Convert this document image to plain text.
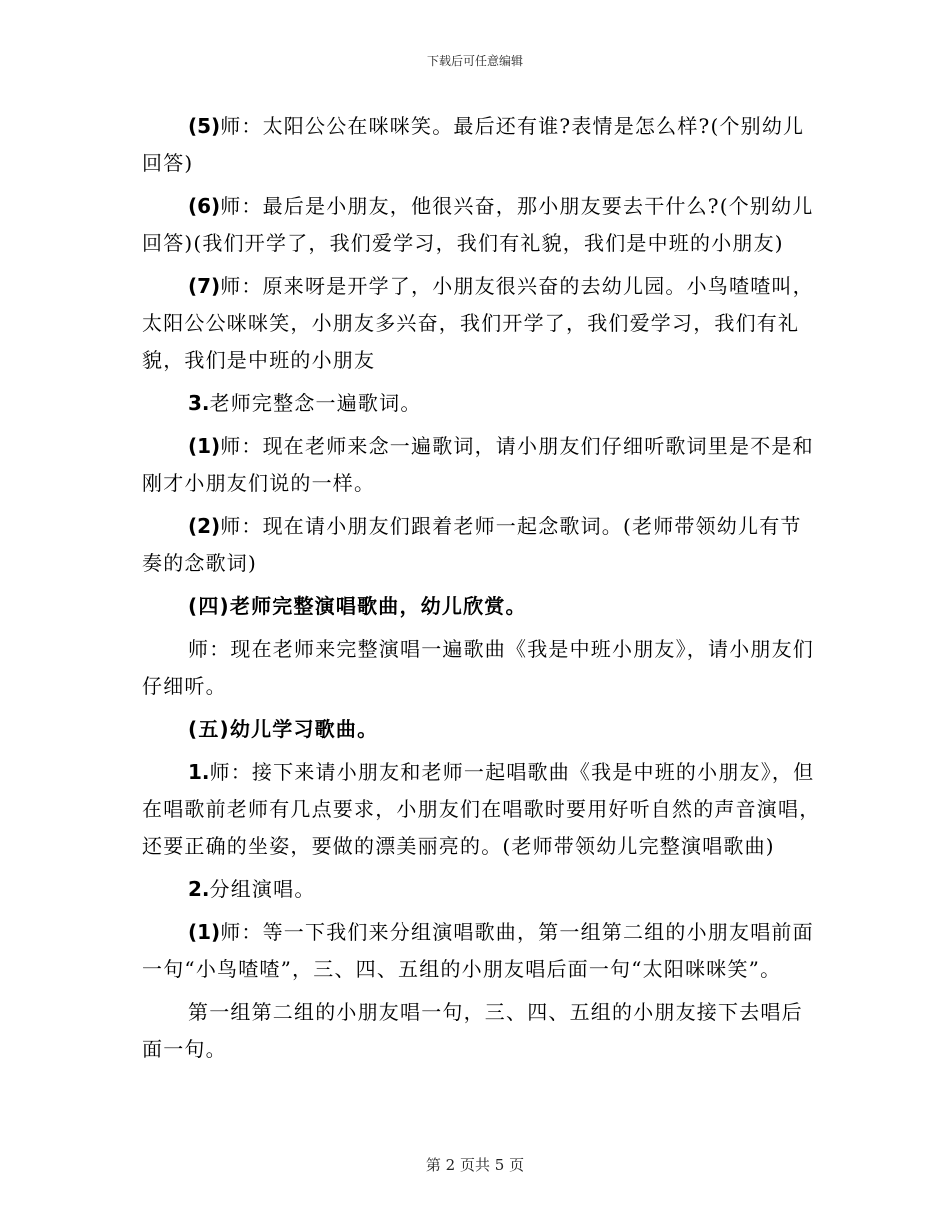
下载后可任意编辑

(5)师：太阳公公在咪咪笑。最后还有谁?表情是怎么样?(个别幼儿回答)

(6)师：最后是小朋友，他很兴奋，那小朋友要去干什么?(个别幼儿回答)(我们开学了，我们爱学习，我们有礼貌，我们是中班的小朋友)

(7)师：原来呀是开学了，小朋友很兴奋的去幼儿园。小鸟喳喳叫，太阳公公咪咪笑，小朋友多兴奋，我们开学了，我们爱学习，我们有礼貌，我们是中班的小朋友

3.老师完整念一遍歌词。

(1)师：现在老师来念一遍歌词，请小朋友们仔细听歌词里是不是和刚才小朋友们说的一样。

(2)师：现在请小朋友们跟着老师一起念歌词。(老师带领幼儿有节奏的念歌词)

(四)老师完整演唱歌曲，幼儿欣赏。

师：现在老师来完整演唱一遍歌曲《我是中班小朋友》，请小朋友们仔细听。

(五)幼儿学习歌曲。

1.师：接下来请小朋友和老师一起唱歌曲《我是中班的小朋友》，但在唱歌前老师有几点要求，小朋友们在唱歌时要用好听自然的声音演唱，还要正确的坐姿，要做的漂美丽亮的。(老师带领幼儿完整演唱歌曲)

2.分组演唱。

(1)师：等一下我们来分组演唱歌曲，第一组第二组的小朋友唱前面一句“小鸟喳喳”，三、四、五组的小朋友唱后面一句“太阳咪咪笑”。

第一组第二组的小朋友唱一句，三、四、五组的小朋友接下去唱后面一句。

第 2 页共 5 页
